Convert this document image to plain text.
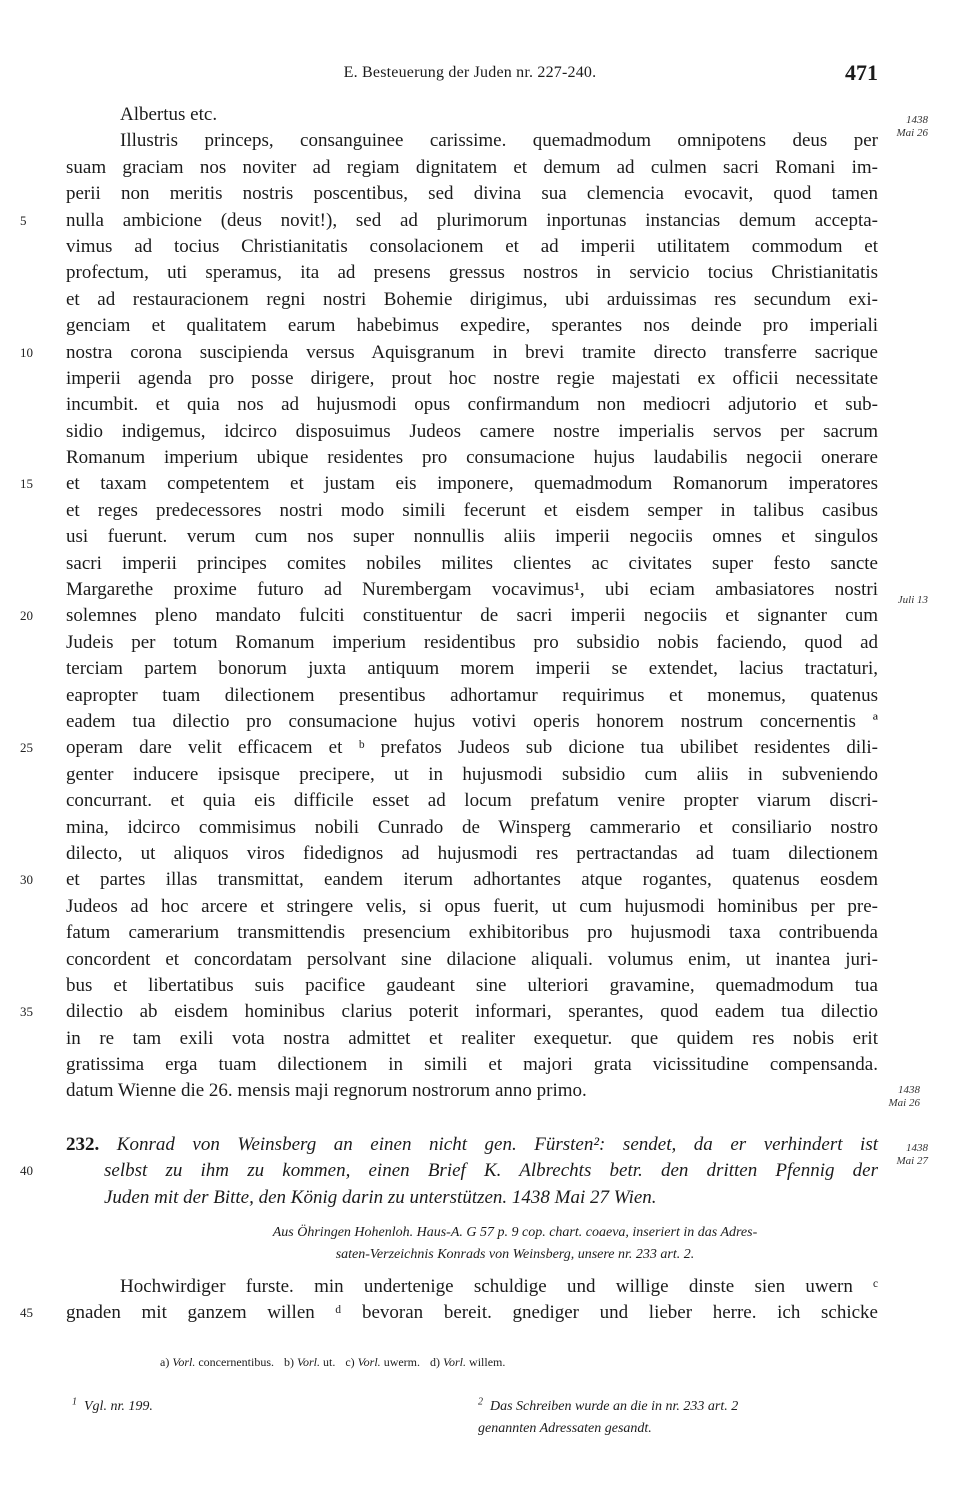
E. Besteuerung der Juden nr. 227-240.	471
Albertus etc.
Illustris princeps, consanguinee carissime. quemadmodum omnipotens deus per
suam graciam nos noviter ad regiam dignitatem et demum ad culmen sacri Romani im-
perii non meritis nostris poscentibus, sed divina sua clemencia evocavit, quod tamen
5 nulla ambicione (deus novit!), sed ad plurimorum inportunas instancias demum accepta-
vimus ad tocius Christianitatis consolacionem et ad imperii utilitatem commodum et
profectum, uti speramus, ita ad presens gressus nostros in servicio tocius Christianitatis
et ad restauracionem regni nostri Bohemie dirigimus, ubi arduissimas res secundum exi-
genciam et qualitatem earum habebimus expedire, sperantes nos deinde pro imperiali
10 nostra corona suscipienda versus Aquisgranum in brevi tramite directo transferre sacrique
imperii agenda pro posse dirigere, prout hoc nostre regie majestati ex officii necessitate
incumbit. et quia nos ad hujusmodi opus confirmandum non mediocri adjutorio et sub-
sidio indigemus, idcirco disposuimus Judeos camere nostre imperialis servos per sacrum
Romanum imperium ubique residentes pro consumacione hujus laudabilis negocii onerare
15 et taxam competentem et justam eis imponere, quemadmodum Romanorum imperatores
et reges predecessores nostri modo simili fecerunt et eisdem semper in talibus casibus
usi fuerunt. verum cum nos super nonnullis aliis imperii negociis omnes et singulos
sacri imperii principes comites nobiles milites clientes ac civitates super festo sancte
Margarethe proxime futuro ad Nurembergam vocavimus¹, ubi eciam ambasiatores nostri
20 solemnes pleno mandato fulciti constituentur de sacri imperii negociis et signanter cum
Judeis per totum Romanum imperium residentibus pro subsidio nobis faciendo, quod ad
terciam partem bonorum juxta antiquum morem imperii se extendet, lacius tractaturi,
eapropter tuam dilectionem presentibus adhortamur requirimus et monemus, quatenus
eadem tua dilectio pro consumacione hujus votivi operis honorem nostrum concernentis ª
25 operam dare velit efficacem et ᵇ prefatos Judeos sub dicione tua ubilibet residentes dili-
genter inducere ipsisque precipere, ut in hujusmodi subsidio cum aliis in subveniendo
concurrant. et quia eis difficile esset ad locum prefatum venire propter viarum discri-
mina, idcirco commisimus nobili Cunrado de Winsperg cammerario et consiliario nostro
dilecto, ut aliquos viros fidedignos ad hujusmodi res pertractandas ad tuam dilectionem
30 et partes illas transmittat, eandem iterum adhortantes atque rogantes, quatenus eosdem
Judeos ad hoc arcere et stringere velis, si opus fuerit, ut cum hujusmodi hominibus per pre-
fatum camerarium transmittendis presencium exhibitoribus pro hujusmodi taxa contribuenda
concordent et concordatam persolvant sine dilacione aliquali. volumus enim, ut inantea juri-
bus et libertatibus suis pacifice gaudeant sine ulteriori gravamine, quemadmodum tua
35 dilectio ab eisdem hominibus clarius poterit informari, sperantes, quod eadem tua dilectio
in re tam exili vota nostra admittet et realiter exequetur. que quidem res nobis erit
gratissima erga tuam dilectionem in simili et majori grata vicissitudine compensanda.
datum Wienne die 26. mensis maji regnorum nostrorum anno primo.
1438
Mai 26
Juli 13
1438
Mai 26
1438
Mai 27
232. Konrad von Weinsberg an einen nicht gen. Fürsten²: sendet, da er verhindert ist
40	selbst zu ihm zu kommen, einen Brief K. Albrechts betr. den dritten Pfennig der
Juden mit der Bitte, den König darin zu unterstützen. 1438 Mai 27 Wien.
Aus Öhringen Hohenloh. Haus-A. G 57 p. 9 cop. chart. coaeva, inseriert in das Adres-
saten-Verzeichnis Konrads von Weinsberg, unsere nr. 233 art. 2.
Hochwirdiger furste. min undertenige schuldige und willige dinste sien uwern ᶜ
45 gnaden mit ganzem willen ᵈ bevoran bereit. gnediger und lieber herre. ich schicke
a) Vorl. concernentibus. b) Vorl. ut. c) Vorl. uwerm. d) Vorl. willem.
$^1$ Vgl. nr. 199.	$^2$ Das Schreiben wurde an die in nr. 233 art. 2
genannten Adressaten gesandt.
